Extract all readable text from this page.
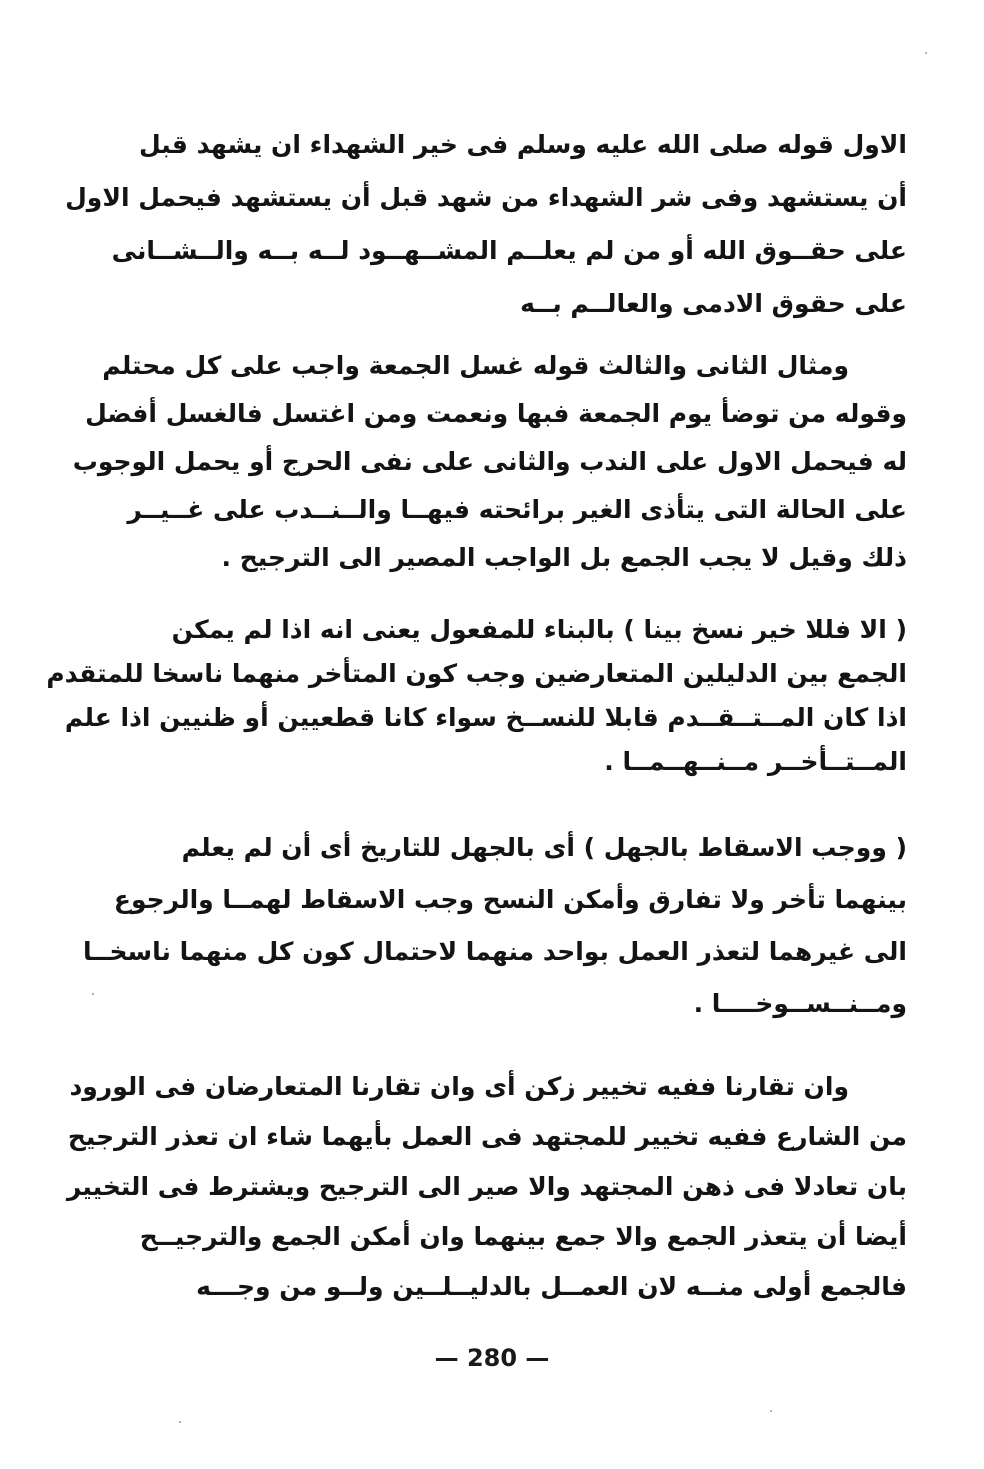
الاول قوله صلى الله عليه وسلم فى خير الشهداء ان يشهد قبل
أن يستشهد وفى شر الشهداء من شهد قبل أن يستشهد فيحمل الاول
على حقــوق الله أو من لم يعلــم المشــهــود لــه بــه والــشــانى
على حقوق الادمى والعالــم بــه
ومثال الثانى والثالث قوله غسل الجمعة واجب على كل محتلم
وقوله من توضأ يوم الجمعة فبها ونعمت ومن اغتسل فالغسل أفضل
له فيحمل الاول على الندب والثانى على نفى الحرج أو يحمل الوجوب
على الحالة التى يتأذى الغير برائحته فيهــا والــنــدب على غــيــر
ذلك وقيل لا يجب الجمع بل الواجب المصير الى الترجيح .
( الا فللا خير نسخ بينا ) بالبناء للمفعول يعنى انه اذا لم يمكن
الجمع بين الدليلين المتعارضين وجب كون المتأخر منهما ناسخا للمتقدم
اذا كان المــتــقــدم قابلا للنســخ سواء كانا قطعيين أو ظنيين اذا علم
المــتــأخــر مــنــهــمــا .
( ووجب الاسقاط بالجهل ) أى بالجهل للتاريخ أى أن لم يعلم
بينهما تأخر ولا تفارق وأمكن النسح وجب الاسقاط لهمــا والرجوع
الى غيرهما لتعذر العمل بواحد منهما لاحتمال كون كل منهما ناسخــا
ومــنــســوخــــا .
وان تقارنا ففيه تخيير زكن أى وان تقارنا المتعارضان فى الورود
من الشارع ففيه تخيير للمجتهد فى العمل بأيهما شاء ان تعذر الترجيح
بان تعادلا فى ذهن المجتهد والا صير الى الترجيح ويشترط فى التخيير
أيضا أن يتعذر الجمع والا جمع بينهما وان أمكن الجمع والترجيــح
فالجمع أولى منــه لان العمــل بالدليــلــين ولــو من وجـــه
— 280 —
